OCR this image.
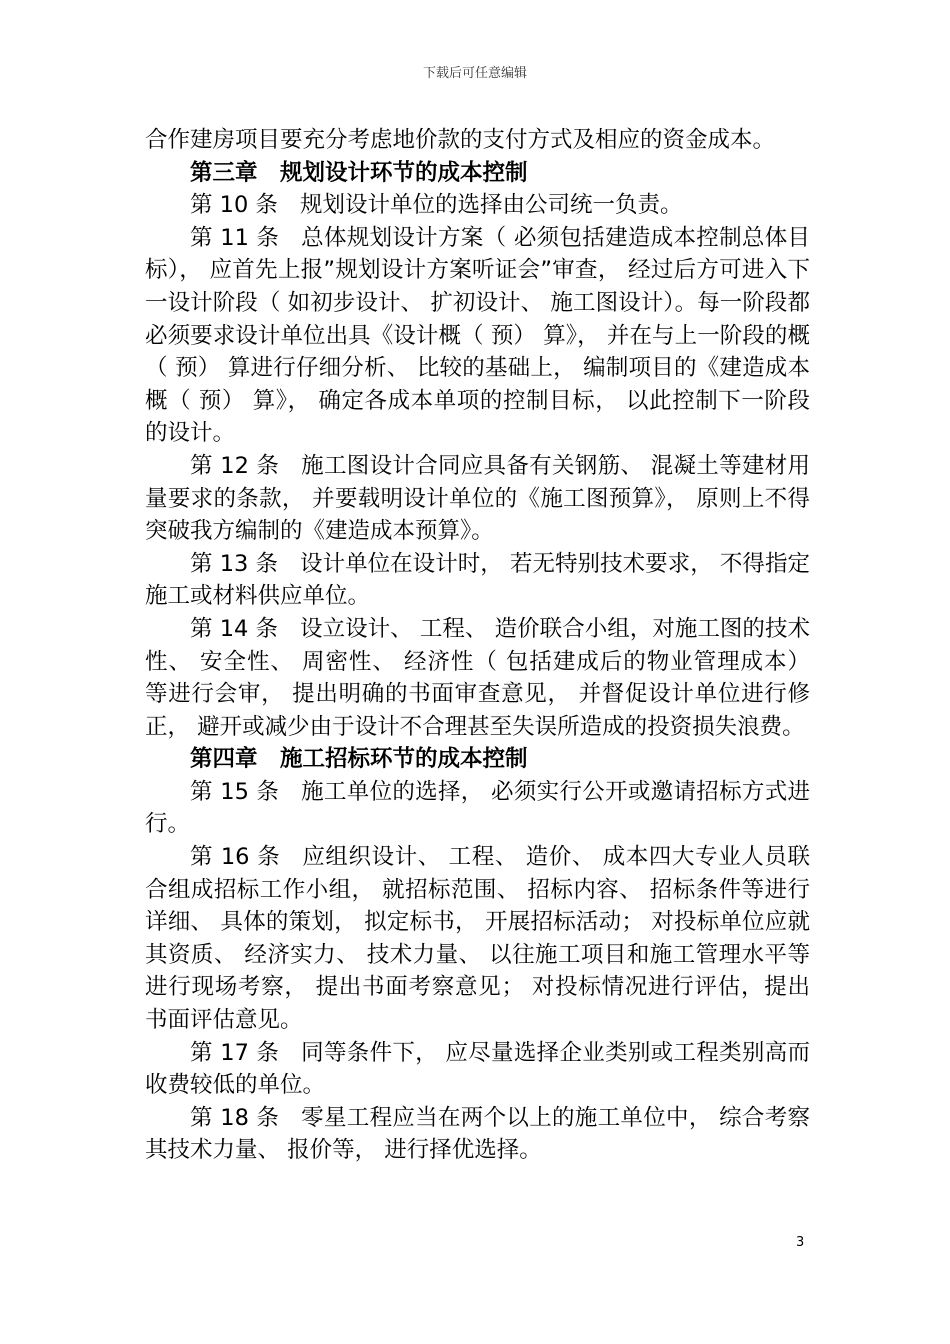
下载后可任意编辑

合作建房项目要充分考虑地价款的支付方式及相应的资金成本。

第三章　规划设计环节的成本控制

第 10 条 规划设计单位的选择由公司统一负责。

第 11 条 总体规划设计方案（ 必须包括建造成本控制总体目标）， 应首先上报”规划设计方案听证会”审查， 经过后方可进入下一设计阶段（ 如初步设计、 扩初设计、 施工图设计）。每一阶段都必须要求设计单位出具《设计概（ 预） 算》， 并在与上一阶段的概（ 预） 算进行仔细分析、 比较的基础上， 编制项目的《建造成本概（ 预） 算》， 确定各成本单项的控制目标， 以此控制下一阶段的设计。

第 12 条 施工图设计合同应具备有关钢筋、 混凝土等建材用量要求的条款， 并要载明设计单位的《施工图预算》， 原则上不得突破我方编制的《建造成本预算》。

第 13 条 设计单位在设计时， 若无特别技术要求， 不得指定施工或材料供应单位。

第 14 条 设立设计、 工程、 造价联合小组，对施工图的技术性、 安全性、 周密性、 经济性（ 包括建成后的物业管理成本） 等进行会审， 提出明确的书面审查意见， 并督促设计单位进行修正， 避开或减少由于设计不合理甚至失误所造成的投资损失浪费。

第四章　施工招标环节的成本控制

第 15 条 施工单位的选择， 必须实行公开或邀请招标方式进行。

第 16 条 应组织设计、 工程、 造价、 成本四大专业人员联合组成招标工作小组， 就招标范围、 招标内容、 招标条件等进行详细、 具体的策划， 拟定标书， 开展招标活动； 对投标单位应就其资质、 经济实力、 技术力量、 以往施工项目和施工管理水平等进行现场考察， 提出书面考察意见； 对投标情况进行评估，提出书面评估意见。

第 17 条 同等条件下， 应尽量选择企业类别或工程类别高而收费较低的单位。

第 18 条 零星工程应当在两个以上的施工单位中， 综合考察其技术力量、 报价等， 进行择优选择。

3
